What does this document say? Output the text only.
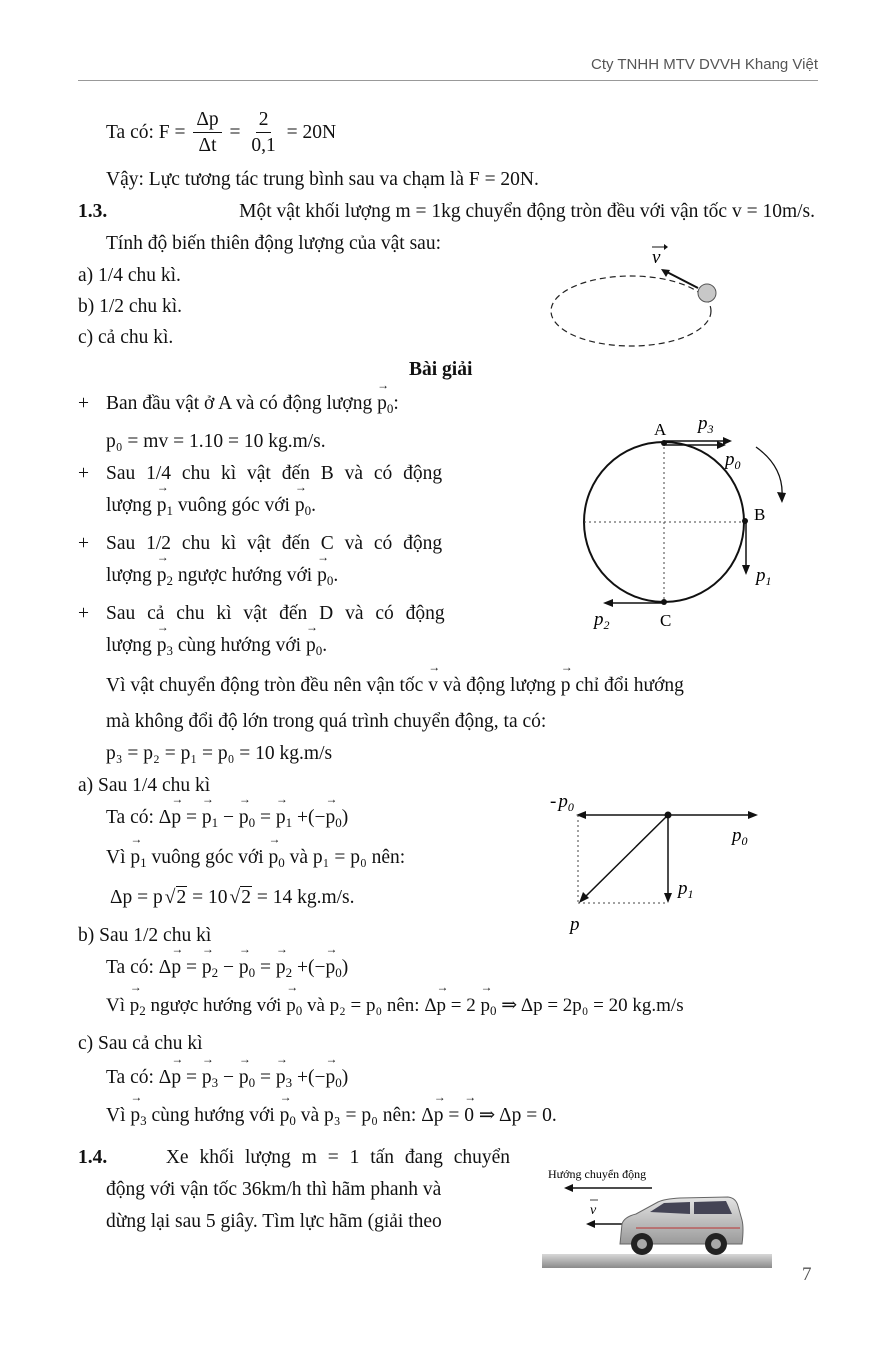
Cty TNHH MTV DVVH Khang Việt
Ta có: $F = \frac{\Delta p}{\Delta t} = \frac{2}{0,1} = 20N$
Vậy: Lực tương tác trung bình sau va chạm là F = 20N.
1.3.	Một vật khối lượng m = 1kg chuyển động tròn đều với vận tốc v = 10m/s.
Tính độ biến thiên động lượng của vật sau:
a) 1/4 chu kì.
b) 1/2 chu kì.
c) cả chu kì.
v
Bài giải
+ Ban đầu vật ở A và có động lượng → $p_0$:
p₀ = mv = 1.10 = 10 kg.m/s.
+ Sau 1/4 chu kì vật đến B và có động
lượng → $p_1$ vuông góc với → $p_0$.
+ Sau 1/2 chu kì vật đến C và có động
lượng → $p_2$ ngược hướng với → $p_0$.
+ Sau cả chu kì vật đến D và có động
lượng → $p_3$ cùng hướng với → $p_0$.
A $p_3$
$p_0$
B
$p_1$
C
$p_2$
Vì vật chuyển động tròn đều nên vận tốc → v và động lượng → p chỉ đổi hướng
mà không đổi độ lớn trong quá trình chuyển động, ta có:
p₃ = p₂ = p₁ = p₀ = 10 kg.m/s
a) Sau 1/4 chu kì
Ta có: Δ→ p = → $p_1$ − → $p_0$ = → $p_1$ +(−→ $p_0$)
Vì → $p_1$ vuông góc với → $p_0$ và p₁ = p₀ nên:
Δp = p √2 = 10 √2 = 14 kg.m/s.
- $p_0$
$p_0$
$p_1$
p
b) Sau 1/2 chu kì
Ta có: Δ→ p = → $p_2$ − → $p_0$ = → $p_2$ +(−→ $p_0$)
Vì → $p_2$ ngược hướng với → $p_0$ và p₂ = p₀ nên: $\Delta\to p = 2 \to p_0$ ⇒ Δp = 2p₀ = 20 kg.m/s
c) Sau cả chu kì
Ta có: Δ→ p = → $p_3$ − → $p_0$ = → $p_3$ +(−→ $p_0$)
Vì → $p_3$ cùng hướng với → $p_0$ và p₃ = p₀ nên: Δ→ p = → 0 ⇒ Δp = 0.
1.4.	Xe khối lượng m = 1 tấn đang chuyển
động với vận tốc 36km/h thì hãm phanh và
dừng lại sau 5 giây. Tìm lực hãm (giải theo
Hướng chuyển động
v
7
